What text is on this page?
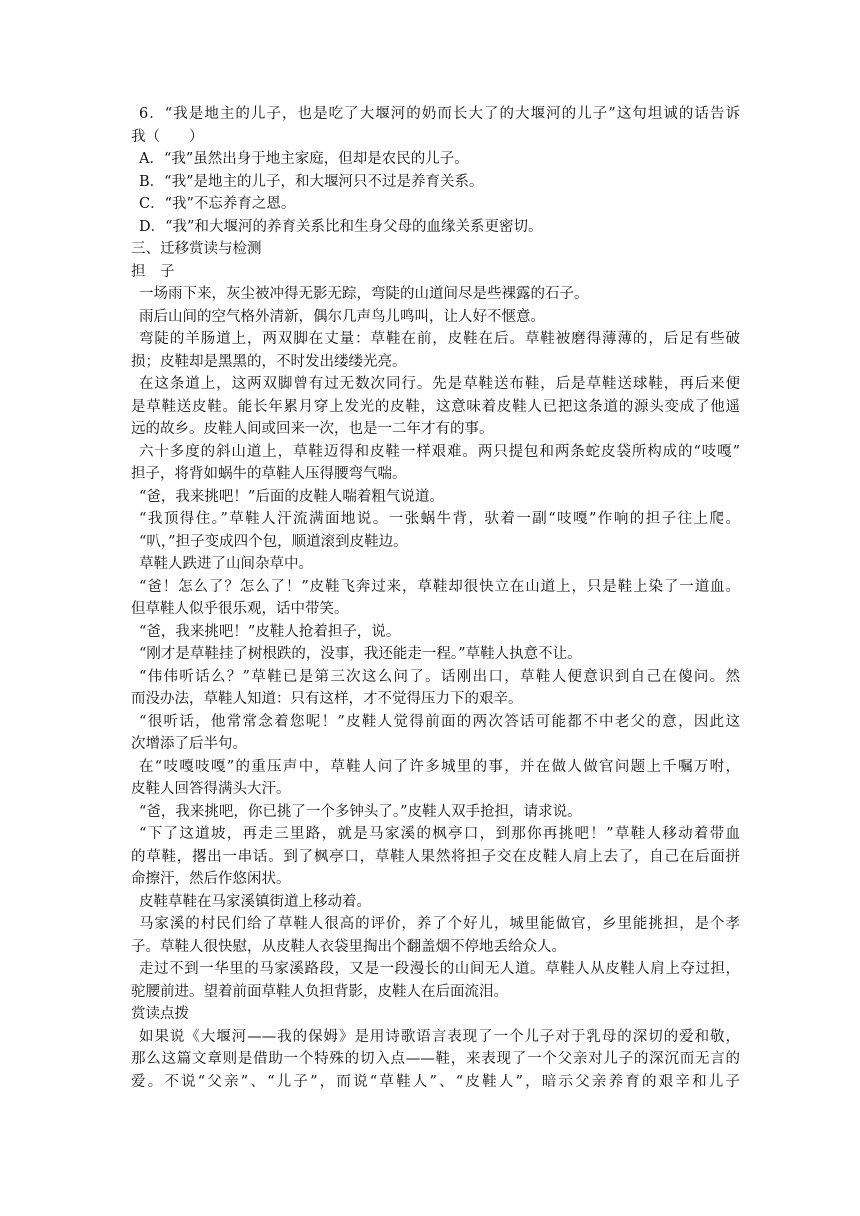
6．“我是地主的儿子，也是吃了大堰河的奶而长大了的大堰河的儿子”这句坦诚的话告诉
我（　　）
A．“我”虽然出身于地主家庭，但却是农民的儿子。
B．“我”是地主的儿子，和大堰河只不过是养育关系。
C．“我”不忘养育之恩。
D．“我”和大堰河的养育关系比和生身父母的血缘关系更密切。
三、迁移赏读与检测
担　子
一场雨下来，灰尘被冲得无影无踪，弯陡的山道间尽是些裸露的石子。
雨后山间的空气格外清新，偶尔几声鸟儿鸣叫，让人好不惬意。
弯陡的羊肠道上，两双脚在丈量：草鞋在前，皮鞋在后。草鞋被磨得薄薄的，后足有些破
损；皮鞋却是黑黑的，不时发出缕缕光亮。
在这条道上，这两双脚曾有过无数次同行。先是草鞋送布鞋，后是草鞋送球鞋，再后来便
是草鞋送皮鞋。能长年累月穿上发光的皮鞋，这意味着皮鞋人已把这条道的源头变成了他遥
远的故乡。皮鞋人间或回来一次，也是一二年才有的事。
六十多度的斜山道上，草鞋迈得和皮鞋一样艰难。两只提包和两条蛇皮袋所构成的“吱嘎”
担子，将背如蜗牛的草鞋人压得腰弯气喘。
“爸，我来挑吧！”后面的皮鞋人喘着粗气说道。
“我顶得住。”草鞋人汗流满面地说。一张蜗牛背，驮着一副“吱嘎”作响的担子往上爬。
“叭，”担子变成四个包，顺道滚到皮鞋边。
草鞋人跌进了山间杂草中。
“爸！怎么了？怎么了！”皮鞋飞奔过来，草鞋却很快立在山道上，只是鞋上染了一道血。
但草鞋人似乎很乐观，话中带笑。
“爸，我来挑吧！”皮鞋人抢着担子，说。
“刚才是草鞋挂了树根跌的，没事，我还能走一程。”草鞋人执意不让。
“伟伟听话么？”草鞋已是第三次这么问了。话刚出口，草鞋人便意识到自己在傻问。然
而没办法，草鞋人知道：只有这样，才不觉得压力下的艰辛。
“很听话，他常常念着您呢！”皮鞋人觉得前面的两次答话可能都不中老父的意，因此这
次增添了后半句。
在“吱嘎吱嘎”的重压声中，草鞋人问了许多城里的事，并在做人做官问题上千嘱万咐，
皮鞋人回答得满头大汗。
“爸，我来挑吧，你已挑了一个多钟头了。”皮鞋人双手抢担，请求说。
“下了这道坡，再走三里路，就是马家溪的枫亭口，到那你再挑吧！”草鞋人移动着带血
的草鞋，撂出一串话。到了枫亭口，草鞋人果然将担子交在皮鞋人肩上去了，自己在后面拼
命擦汗，然后作悠闲状。
皮鞋草鞋在马家溪镇街道上移动着。
马家溪的村民们给了草鞋人很高的评价，养了个好儿，城里能做官，乡里能挑担，是个孝
子。草鞋人很快慰，从皮鞋人衣袋里掏出个翻盖烟不停地丢给众人。
走过不到一华里的马家溪路段，又是一段漫长的山间无人道。草鞋人从皮鞋人肩上夺过担，
驼腰前进。望着前面草鞋人负担背影，皮鞋人在后面流泪。
赏读点拨
如果说《大堰河——我的保姆》是用诗歌语言表现了一个儿子对于乳母的深切的爱和敬，
那么这篇文章则是借助一个特殊的切入点——鞋，来表现了一个父亲对儿子的深沉而无言的
爱。不说“父亲”、“儿子”，而说“草鞋人”、“皮鞋人”，暗示父亲养育的艰辛和儿子
